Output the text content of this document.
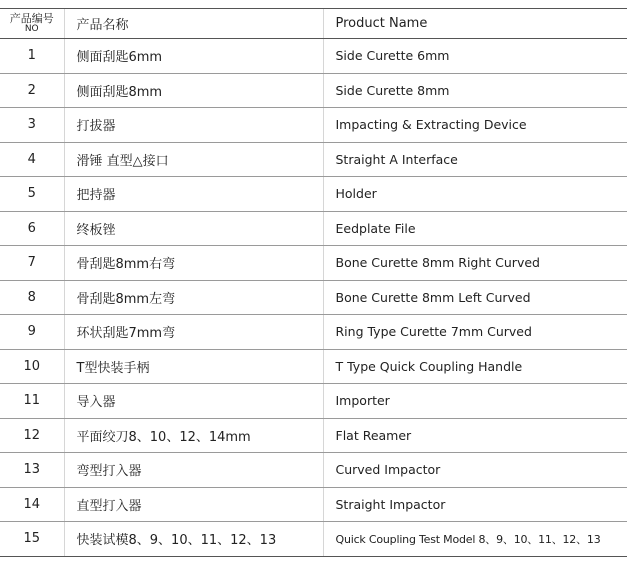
产品编号
NO	产品名称	Product Name
1	侧面刮匙6mm	Side Curette 6mm
2	侧面刮匙8mm	Side Curette 8mm
3	打拔器	Impacting & Extracting Device
4	滑锤 直型△接口	Straight A Interface
5	把持器	Holder
6	终板锉	Eedplate File
7	骨刮匙8mm右弯	Bone Curette 8mm Right Curved
8	骨刮匙8mm左弯	Bone Curette 8mm Left Curved
9	环状刮匙7mm弯	Ring Type Curette 7mm Curved
10	T型快装手柄	T Type Quick Coupling Handle
11	导入器	Importer
12	平面绞刀8、10、12、14mm	Flat Reamer
13	弯型打入器	Curved Impactor
14	直型打入器	Straight Impactor
15	快装试模8、9、10、11、12、13	Quick Coupling Test Model 8、9、10、11、12、13
